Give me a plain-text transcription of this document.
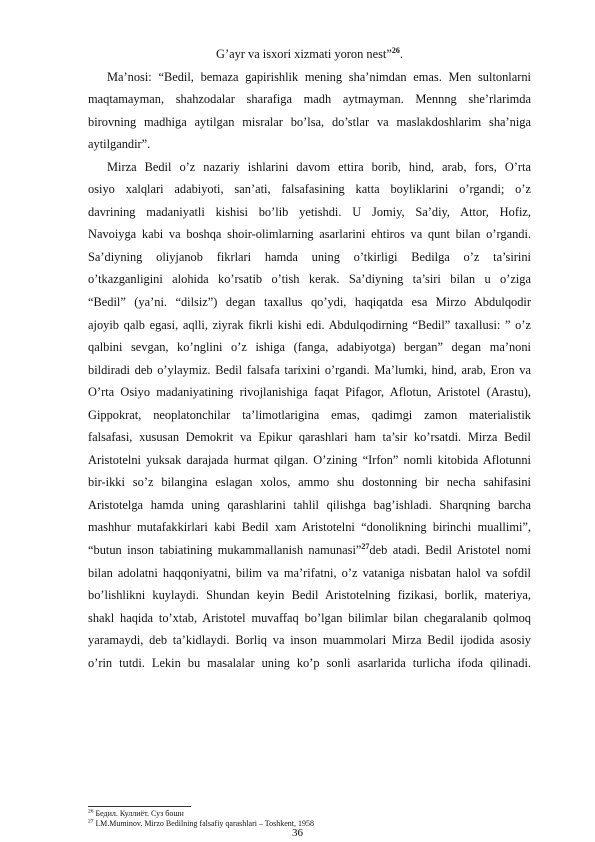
G’ayr va isxori xizmati yoron nest”$^{26}$.
Ma’nosi: “Bedil, bemaza gapirishlik mening sha’nimdan emas. Men sultonlarni
maqtamayman, shahzodalar sharafiga madh aytmayman. Mennng she’rlarimda
birovning madhiga aytilgan misralar bo’lsa, do’stlar va maslakdoshlarim sha’niga
aytilgandir”.
Mirza Bedil o’z nazariy ishlarini davom ettira borib, hind, arab, fors, O’rta
osiyo xalqlari adabiyoti, san’ati, falsafasining katta boyliklarini o’rgandi; o’z
davrining madaniyatli kishisi bo’lib yetishdi. U Jomiy, Sa’diy, Attor, Hofiz,
Navoiyga kabi va boshqa shoir-olimlarning asarlarini ehtiros va qunt bilan o’rgandi.
Sa’diyning oliyjanob fikrlari hamda uning o’tkirligi Bedilga o’z ta’sirini
o’tkazganligini alohida ko’rsatib o’tish kerak. Sa’diyning ta’siri bilan u o’ziga
“Bedil” (ya’ni. “dilsiz”) degan taxallus qo’ydi, haqiqatda esa Mirzo Abdulqodir
ajoyib qalb egasi, aqlli, ziyrak fikrli kishi edi. Abdulqodirning “Bedil” taxallusi: ” o’z
qalbini sevgan, ko’nglini o’z ishiga (fanga, adabiyotga) bergan” degan ma’noni
bildiradi deb o’ylaymiz. Bedil falsafa tarixini o’rgandi. Ma’lumki, hind, arab, Eron va
O’rta Osiyo madaniyatining rivojlanishiga faqat Pifagor, Aflotun, Aristotel (Arastu),
Gippokrat, neoplatonchilar ta’limotlarigina emas, qadimgi zamon materialistik
falsafasi, xususan Demokrit va Epikur qarashlari ham ta’sir ko’rsatdi. Mirza Bedil
Aristotelni yuksak darajada hurmat qilgan. O’zining “Irfon” nomli kitobida Aflotunni
bir-ikki so’z bilangina eslagan xolos, ammo shu dostonning bir necha sahifasini
Aristotelga hamda uning qarashlarini tahlil qilishga bag’ishladi. Sharqning barcha
mashhur mutafakkirlari kabi Bedil xam Aristotelni “donolikning birinchi muallimi”,
“butun inson tabiatining mukammallanish namunasi”$^{27}$deb atadi. Bedil Aristotel nomi
bilan adolatni haqqoniyatni, bilim va ma’rifatni, o’z vataniga nisbatan halol va sofdil
bo’lishlikni kuylaydi. Shundan keyin Bedil Aristotelning fizikasi, borlik, materiya,
shakl haqida to’xtab, Aristotel muvaffaq bo’lgan bilimlar bilan chegaralanib qolmoq
yaramaydi, deb ta’kidlaydi. Borliq va inson muammolari Mirza Bedil ijodida asosiy
o’rin tutdi. Lekin bu masalalar uning ko’p sonli asarlarida turlicha ifoda qilinadi.
$^{26}$ Бедил. Куллиёт. Суз бошн
$^{27}$ I.M.Muminov. Mirzo Bedilning falsafiy qarashlari – Toshkent, 1958
36
